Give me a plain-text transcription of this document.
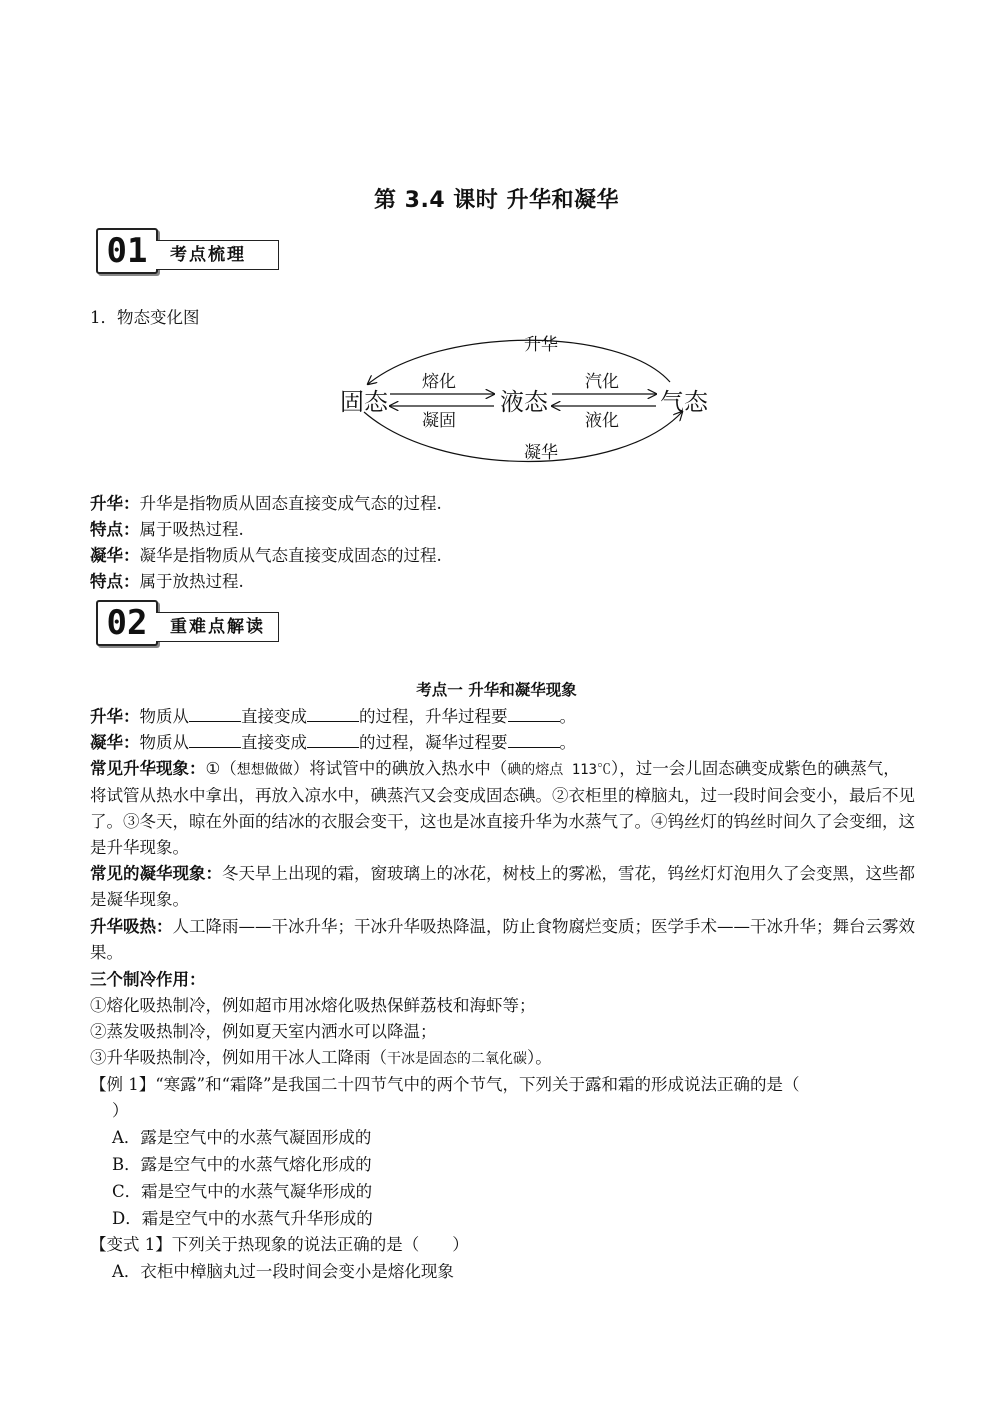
第 3.4 课时 升华和凝华
01	考点梳理
1．物态变化图
固态	液态	气态
熔化
凝固
汽化
液化
升华
凝华
升华：升华是指物质从固态直接变成气态的过程.
特点：属于吸热过程.
凝华：凝华是指物质从气态直接变成固态的过程.
特点：属于放热过程.
02	重难点解读
考点一 升华和凝华现象
升华：物质从	直接变成	的过程，升华过程要	。
凝华：物质从	直接变成	的过程，凝华过程要	。
常见升华现象：①（想想做做）将试管中的碘放入热水中（碘的熔点 113℃），过一会儿固态碘变成紫色的碘蒸气，将试管从热水中拿出，再放入凉水中，碘蒸汽又会变成固态碘。②衣柜里的樟脑丸，过一段时间会变小，最后不见了。③冬天，晾在外面的结冰的衣服会变干，这也是冰直接升华为水蒸气了。④钨丝灯的钨丝时间久了会变细，这是升华现象。
常见的凝华现象：冬天早上出现的霜，窗玻璃上的冰花，树枝上的雾凇，雪花，钨丝灯灯泡用久了会变黑，这些都是凝华现象。
升华吸热：人工降雨——干冰升华；干冰升华吸热降温，防止食物腐烂变质；医学手术——干冰升华；舞台云雾效果。
三个制冷作用：
①熔化吸热制冷，例如超市用冰熔化吸热保鲜荔枝和海虾等；
②蒸发吸热制冷，例如夏天室内洒水可以降温；
③升华吸热制冷，例如用干冰人工降雨（干冰是固态的二氧化碳）。
【例 1】“寒露”和“霜降”是我国二十四节气中的两个节气，下列关于露和霜的形成说法正确的是（
）
A．露是空气中的水蒸气凝固形成的
B．露是空气中的水蒸气熔化形成的
C．霜是空气中的水蒸气凝华形成的
D．霜是空气中的水蒸气升华形成的
【变式 1】下列关于热现象的说法正确的是（　　）
A．衣柜中樟脑丸过一段时间会变小是熔化现象
